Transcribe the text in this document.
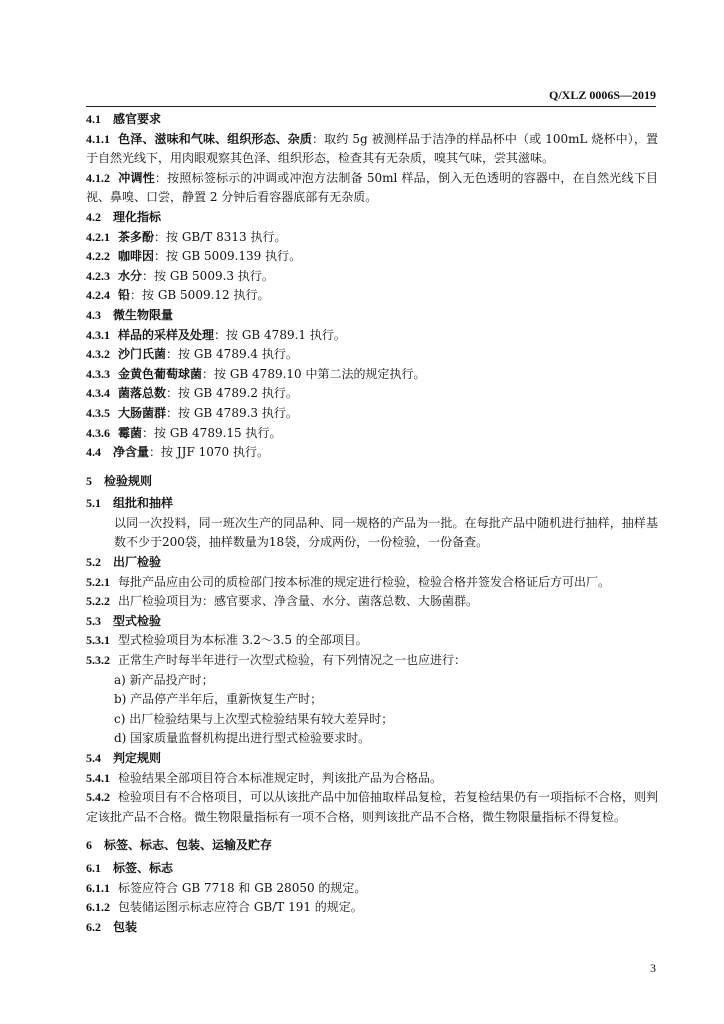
Q/XLZ 0006S—2019
4.1 感官要求
4.1.1 色泽、滋味和气味、组织形态、杂质：取约 5g 被测样品于洁净的样品杯中（或 100mL 烧杯中），置于自然光线下，用肉眼观察其色泽、组织形态，检查其有无杂质，嗅其气味，尝其滋味。
4.1.2 冲调性：按照标签标示的冲调或冲泡方法制备 50ml 样品，倒入无色透明的容器中，在自然光线下目视、鼻嗅、口尝，静置 2 分钟后看容器底部有无杂质。
4.2 理化指标
4.2.1 茶多酚：按 GB/T 8313 执行。
4.2.2 咖啡因：按 GB 5009.139 执行。
4.2.3 水分：按 GB 5009.3 执行。
4.2.4 铅：按 GB 5009.12 执行。
4.3 微生物限量
4.3.1 样品的采样及处理：按 GB 4789.1 执行。
4.3.2 沙门氏菌：按 GB 4789.4 执行。
4.3.3 金黄色葡萄球菌：按 GB 4789.10 中第二法的规定执行。
4.3.4 菌落总数：按 GB 4789.2 执行。
4.3.5 大肠菌群：按 GB 4789.3 执行。
4.3.6 霉菌：按 GB 4789.15 执行。
4.4 净含量：按 JJF 1070 执行。
5 检验规则
5.1 组批和抽样
以同一次投料，同一班次生产的同品种、同一规格的产品为一批。在每批产品中随机进行抽样，抽样基数不少于200袋，抽样数量为18袋，分成两份，一份检验，一份备查。
5.2 出厂检验
5.2.1 每批产品应由公司的质检部门按本标准的规定进行检验，检验合格并签发合格证后方可出厂。
5.2.2 出厂检验项目为：感官要求、净含量、水分、菌落总数、大肠菌群。
5.3 型式检验
5.3.1 型式检验项目为本标准 3.2～3.5 的全部项目。
5.3.2 正常生产时每半年进行一次型式检验，有下列情况之一也应进行：
a) 新产品投产时；
b) 产品停产半年后，重新恢复生产时；
c) 出厂检验结果与上次型式检验结果有较大差异时；
d) 国家质量监督机构提出进行型式检验要求时。
5.4 判定规则
5.4.1 检验结果全部项目符合本标准规定时，判该批产品为合格品。
5.4.2 检验项目有不合格项目，可以从该批产品中加倍抽取样品复检，若复检结果仍有一项指标不合格，则判定该批产品不合格。微生物限量指标有一项不合格，则判该批产品不合格，微生物限量指标不得复检。
6 标签、标志、包装、运输及贮存
6.1 标签、标志
6.1.1 标签应符合 GB 7718 和 GB 28050 的规定。
6.1.2 包装储运图示标志应符合 GB/T 191 的规定。
6.2 包装
3
